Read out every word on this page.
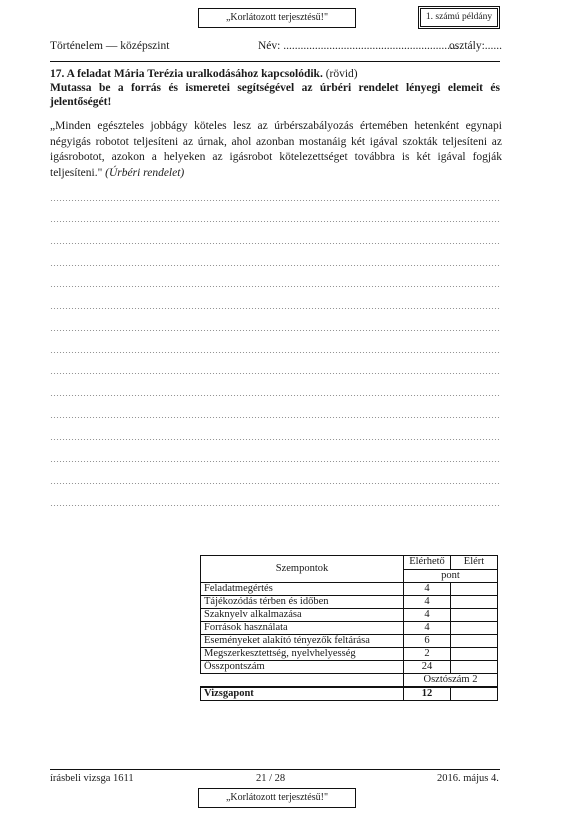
„Korlátozott terjesztésű!"	1. számú példány
Történelem — középszint	Név: .............................................................
osztály:......
17. A feladat Mária Terézia uralkodásához kapcsolódik. (rövid)
Mutassa be a forrás és ismeretei segítségével az úrbéri rendelet lényegi elemeit és jelentőségét!
„Minden egészteles jobbágy köteles lesz az úrbérszabályozás értemében hetenként egynapi négyigás robotot teljesíteni az úrnak, ahol azonban mostanáig két igával szokták teljesíteni az igásrobotot, azokon a helyeken az igásrobot kötelezettséget továbbra is két igával fogják teljesíteni." (Úrbéri rendelet)
Szempontok	Elérhető	Elért
	pont	
Feladatmegértés	4	
Tájékozódás térben és időben	4	
Szaknyelv alkalmazása	4	
Források használata	4	
Eseményeket alakító tényezők feltárása	6	
Megszerkesztettség, nyelvhelyesség	2	
Összpontszám	24	
	Osztószám 2	
Vizsgapont	12	
írásbeli vizsga 1611	21 / 28	2016. május 4.
„Korlátozott terjesztésű!"
